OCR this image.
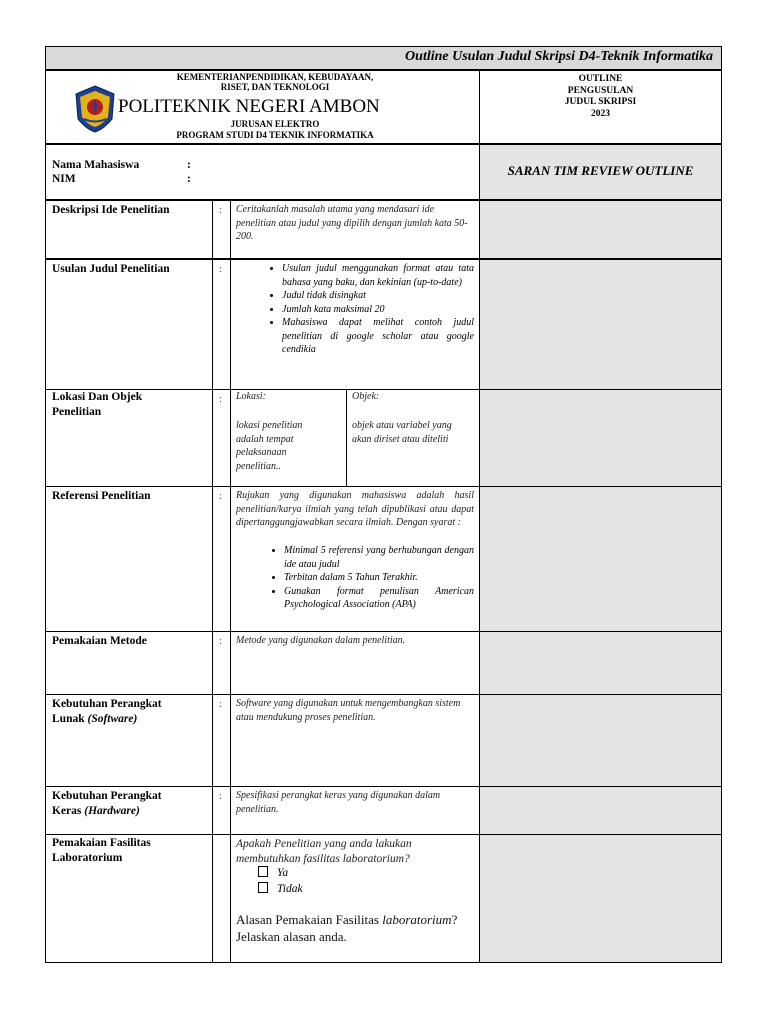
Outline Usulan Judul Skripsi D4-Teknik Informatika
KEMENTERIANPENDIDIKAN, KEBUDAYAAN,
RISET, DAN TEKNOLOGI
POLITEKNIK NEGERI AMBON
JURUSAN ELEKTRO
PROGRAM STUDI D4 TEKNIK INFORMATIKA
OUTLINE
PENGUSULAN
JUDUL SKRIPSI
2023
Nama Mahasiswa	:
NIM	:
SARAN TIM REVIEW OUTLINE
Deskripsi Ide Penelitian	: Ceritakanlah masalah utama yang mendasari ide penelitian atau judul yang dipilih dengan jumlah kata 50-200.
Usulan Judul Penelitian	:
•	Usulan judul menggunakan format atau tata bahasa yang baku, dan kekinian (up-to-date)
• Judul tidak disingkat
• Jumlah kata maksimal 20
• Mahasiswa dapat melihat contoh judul penelitian di google scholar atau google cendikia
Lokasi Dan Objek
Penelitian
: Lokasi:
lokasi penelitian adalah tempat pelaksanaan penelitian..
Objek:
objek atau variabel yang akan diriset atau diteliti
Referensi Penelitian	: Rujukan yang digunakan mahasiswa adalah hasil penelitian/karya ilmiah yang telah dipublikasi atau dapat dipertanggungjawabkan secara ilmiah. Dengan syarat :
• Minimal 5 referensi yang berhubungan dengan ide atau judul
• Terbitan dalam 5 Tahun Terakhir.
• Gunakan format penulisan American Psychological Association (APA)
Pemakaian Metode	: Metode yang digunakan dalam penelitian.
Kebutuhan Perangkat
Lunak (Software)
: Software yang digunakan untuk mengembangkan sistem atau mendukung proses penelitian.
Kebutuhan Perangkat
Keras (Hardware)
: Spesifikasi perangkat keras yang digunakan dalam penelitian.
Pemakaian Fasilitas
Laboratorium
Apakah Penelitian yang anda lakukan membutuhkan fasilitas laboratorium?
Ya
Tidak
Alasan Pemakaian Fasilitas laboratorium?
Jelaskan alasan anda.
